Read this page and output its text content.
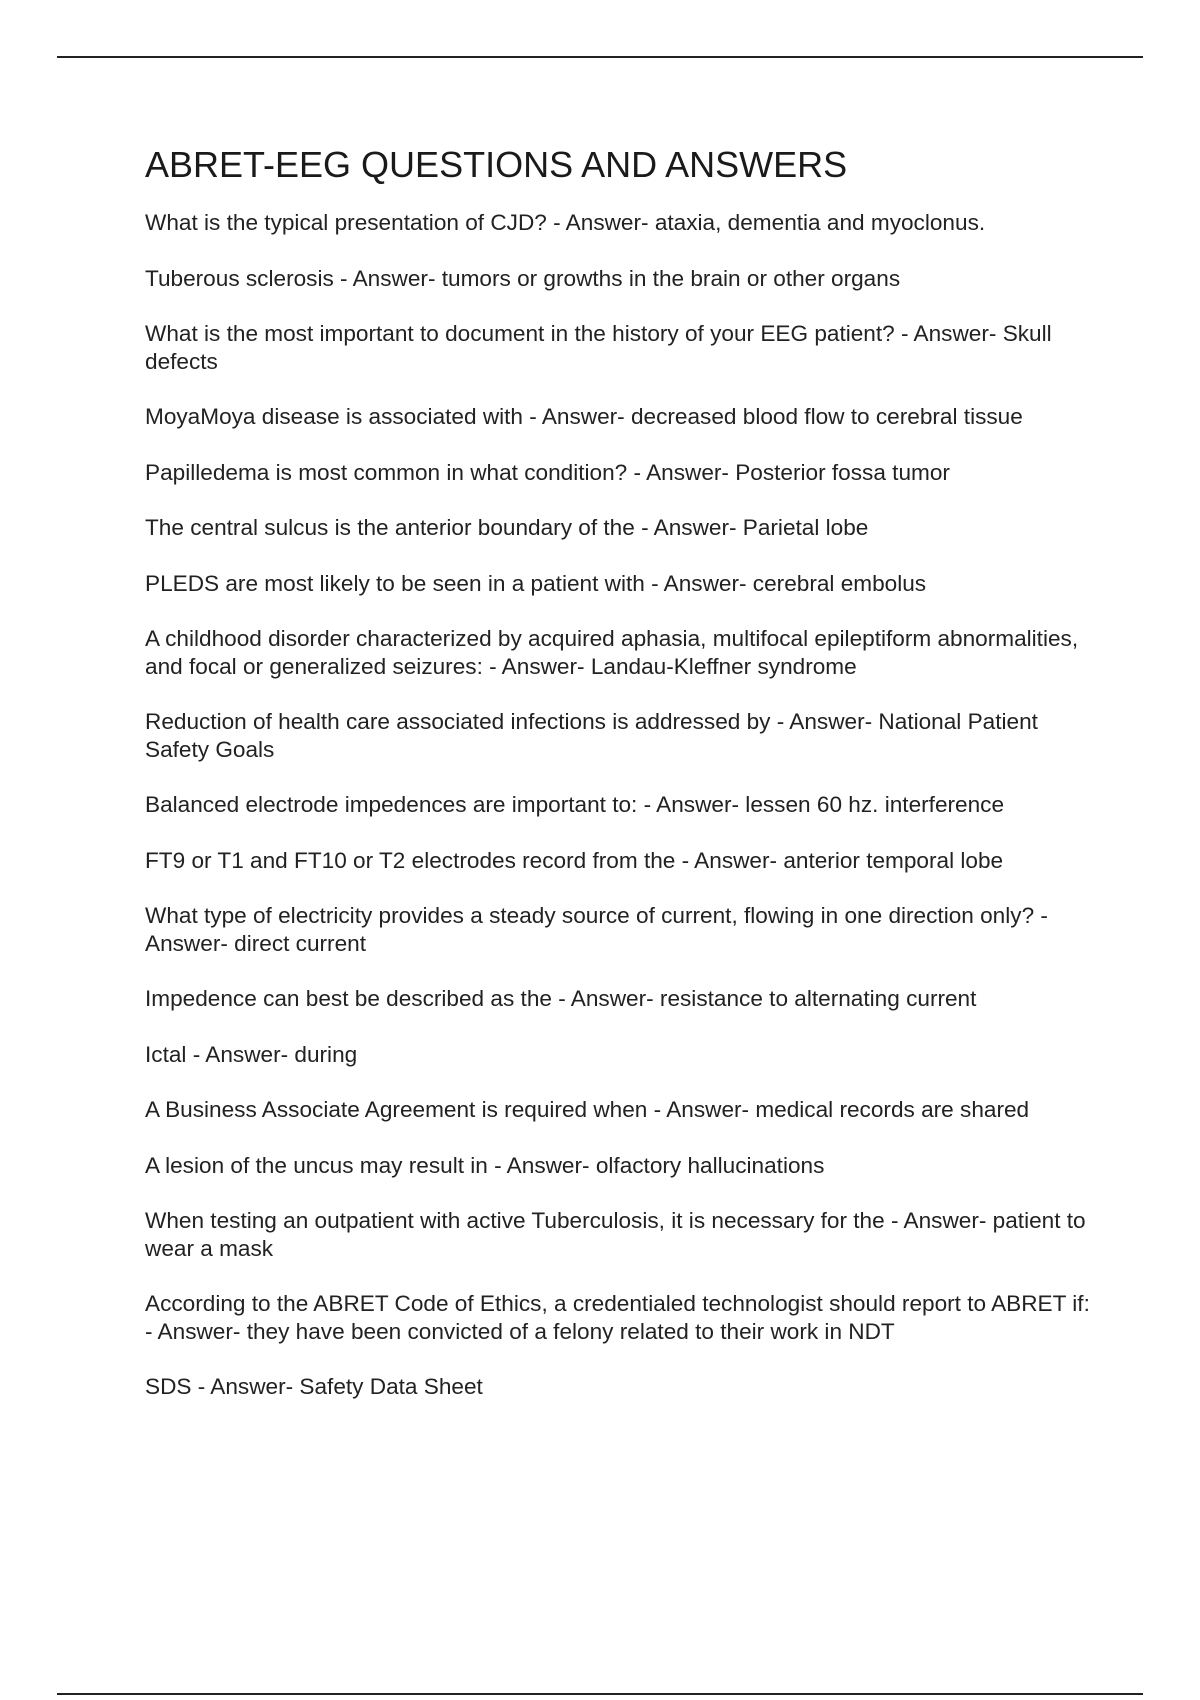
ABRET-EEG QUESTIONS AND ANSWERS
What is the typical presentation of CJD? - Answer- ataxia, dementia and myoclonus.
Tuberous sclerosis - Answer- tumors or growths in the brain or other organs
What is the most important to document in the history of your EEG patient? - Answer- Skull defects
MoyaMoya disease is associated with - Answer- decreased blood flow to cerebral tissue
Papilledema is most common in what condition? - Answer- Posterior fossa tumor
The central sulcus is the anterior boundary of the - Answer- Parietal lobe
PLEDS are most likely to be seen in a patient with - Answer- cerebral embolus
A childhood disorder characterized by acquired aphasia, multifocal epileptiform abnormalities, and focal or generalized seizures: - Answer- Landau-Kleffner syndrome
Reduction of health care associated infections is addressed by - Answer- National Patient Safety Goals
Balanced electrode impedences are important to: - Answer- lessen 60 hz. interference
FT9 or T1 and FT10 or T2 electrodes record from the - Answer- anterior temporal lobe
What type of electricity provides a steady source of current, flowing in one direction only? - Answer- direct current
Impedence can best be described as the - Answer- resistance to alternating current
Ictal - Answer- during
A Business Associate Agreement is required when - Answer- medical records are shared
A lesion of the uncus may result in - Answer- olfactory hallucinations
When testing an outpatient with active Tuberculosis, it is necessary for the - Answer- patient to wear a mask
According to the ABRET Code of Ethics, a credentialed technologist should report to ABRET if: - Answer- they have been convicted of a felony related to their work in NDT
SDS - Answer- Safety Data Sheet
